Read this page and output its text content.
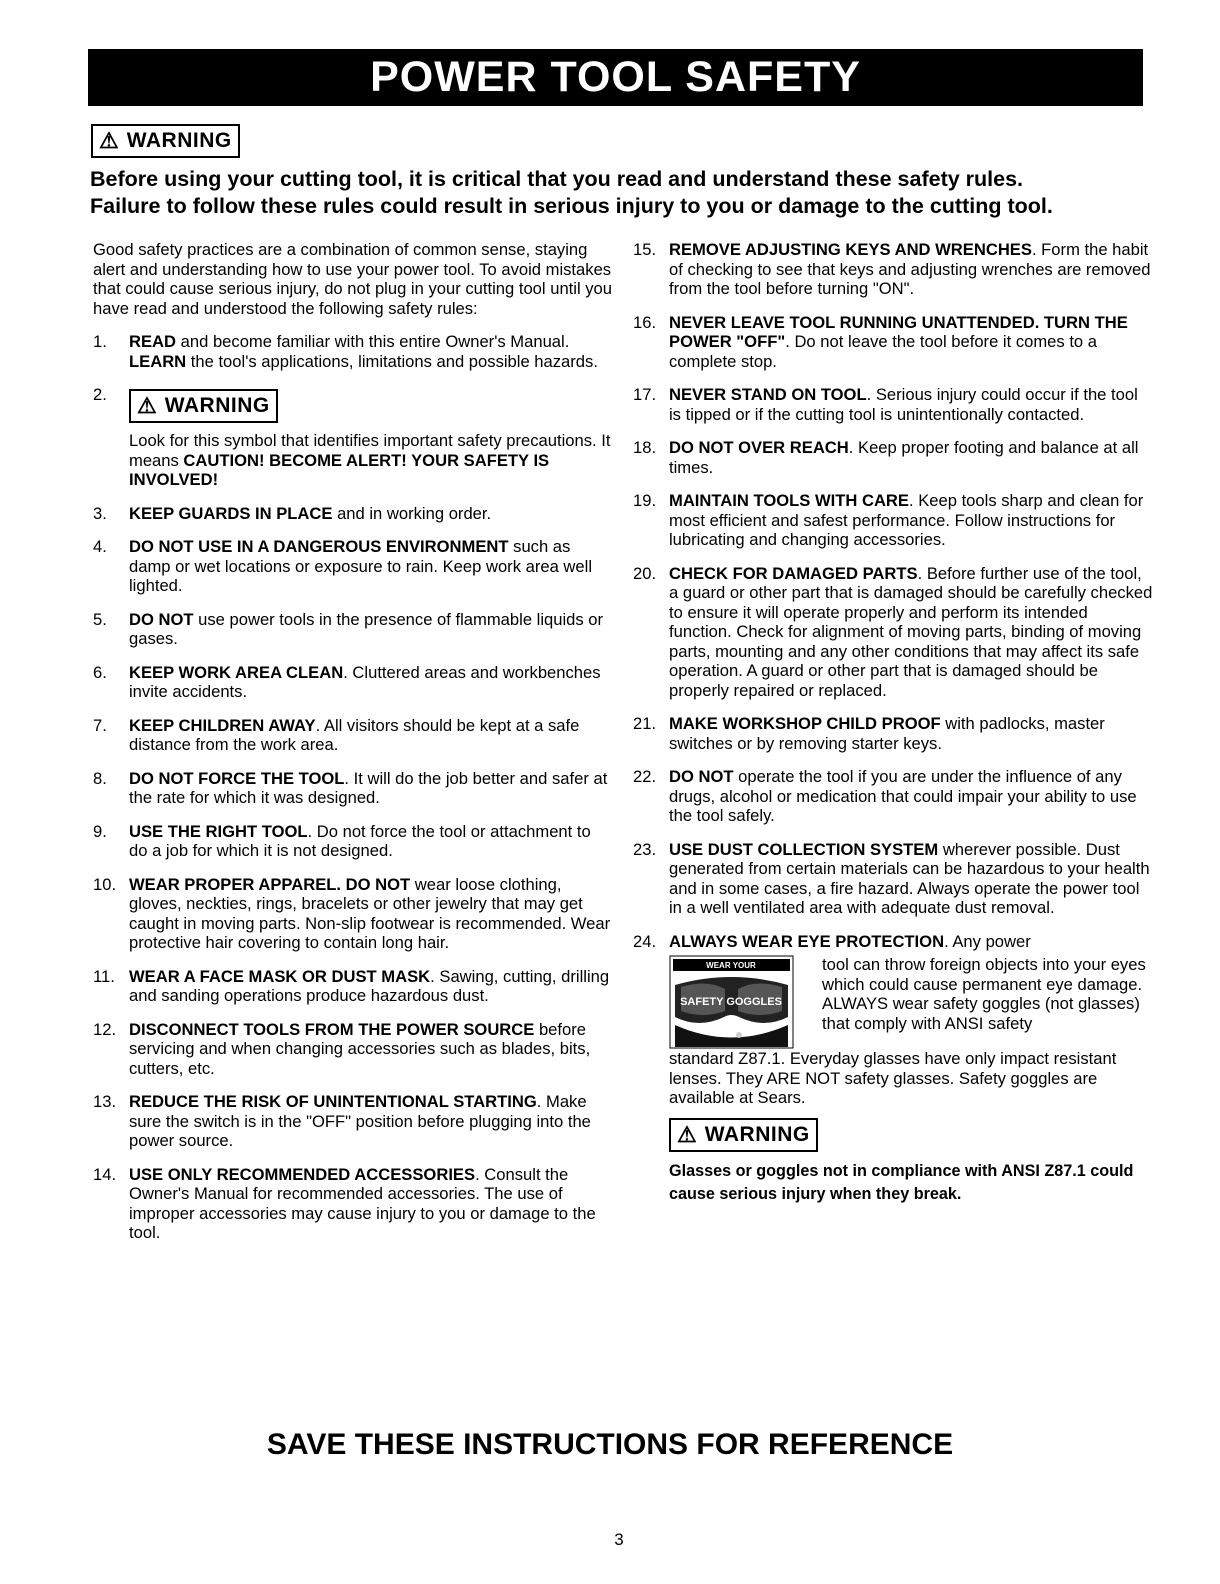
POWER TOOL SAFETY
⚠ WARNING
Before using your cutting tool, it is critical that you read and understand these safety rules.
Failure to follow these rules could result in serious injury to you or damage to the cutting tool.

Good safety practices are a combination of common sense, staying alert and understanding how to use your power tool. To avoid mistakes that could cause serious injury, do not plug in your cutting tool until you have read and understood the following safety rules:

1. READ and become familiar with this entire Owner's Manual. LEARN the tool's applications, limitations and possible hazards.
2. ⚠ WARNING
Look for this symbol that identifies important safety precautions. It means CAUTION! BECOME ALERT! YOUR SAFETY IS INVOLVED!
3. KEEP GUARDS IN PLACE and in working order.
4. DO NOT USE IN A DANGEROUS ENVIRONMENT such as damp or wet locations or exposure to rain. Keep work area well lighted.
5. DO NOT use power tools in the presence of flammable liquids or gases.
6. KEEP WORK AREA CLEAN. Cluttered areas and workbenches invite accidents.
7. KEEP CHILDREN AWAY. All visitors should be kept at a safe distance from the work area.
8. DO NOT FORCE THE TOOL. It will do the job better and safer at the rate for which it was designed.
9. USE THE RIGHT TOOL. Do not force the tool or attachment to do a job for which it is not designed.
10. WEAR PROPER APPAREL. DO NOT wear loose clothing, gloves, neckties, rings, bracelets or other jewelry that may get caught in moving parts. Non-slip footwear is recommended. Wear protective hair covering to contain long hair.
11. WEAR A FACE MASK OR DUST MASK. Sawing, cutting, drilling and sanding operations produce hazardous dust.
12. DISCONNECT TOOLS FROM THE POWER SOURCE before servicing and when changing accessories such as blades, bits, cutters, etc.
13. REDUCE THE RISK OF UNINTENTIONAL STARTING. Make sure the switch is in the "OFF" position before plugging into the power source.
14. USE ONLY RECOMMENDED ACCESSORIES. Consult the Owner's Manual for recommended accessories. The use of improper accessories may cause injury to you or damage to the tool.
15. REMOVE ADJUSTING KEYS AND WRENCHES. Form the habit of checking to see that keys and adjusting wrenches are removed from the tool before turning "ON".
16. NEVER LEAVE TOOL RUNNING UNATTENDED. TURN THE POWER "OFF". Do not leave the tool before it comes to a complete stop.
17. NEVER STAND ON TOOL. Serious injury could occur if the tool is tipped or if the cutting tool is unintentionally contacted.
18. DO NOT OVER REACH. Keep proper footing and balance at all times.
19. MAINTAIN TOOLS WITH CARE. Keep tools sharp and clean for most efficient and safest performance. Follow instructions for lubricating and changing accessories.
20. CHECK FOR DAMAGED PARTS. Before further use of the tool, a guard or other part that is damaged should be carefully checked to ensure it will operate properly and perform its intended function. Check for alignment of moving parts, binding of moving parts, mounting and any other conditions that may affect its safe operation. A guard or other part that is damaged should be properly repaired or replaced.
21. MAKE WORKSHOP CHILD PROOF with padlocks, master switches or by removing starter keys.
22. DO NOT operate the tool if you are under the influence of any drugs, alcohol or medication that could impair your ability to use the tool safely.
23. USE DUST COLLECTION SYSTEM wherever possible. Dust generated from certain materials can be hazardous to your health and in some cases, a fire hazard. Always operate the power tool in a well ventilated area with adequate dust removal.
24. ALWAYS WEAR EYE PROTECTION. Any power
WEAR YOUR
SAFETY GOGGLES
tool can throw foreign objects into your eyes which could cause permanent eye damage. ALWAYS wear safety goggles (not glasses) that comply with ANSI safety
standard Z87.1. Everyday glasses have only impact resistant lenses. They ARE NOT safety glasses. Safety goggles are available at Sears.
⚠ WARNING
Glasses or goggles not in compliance with ANSI Z87.1 could cause serious injury when they break.
SAVE THESE INSTRUCTIONS FOR REFERENCE
3
